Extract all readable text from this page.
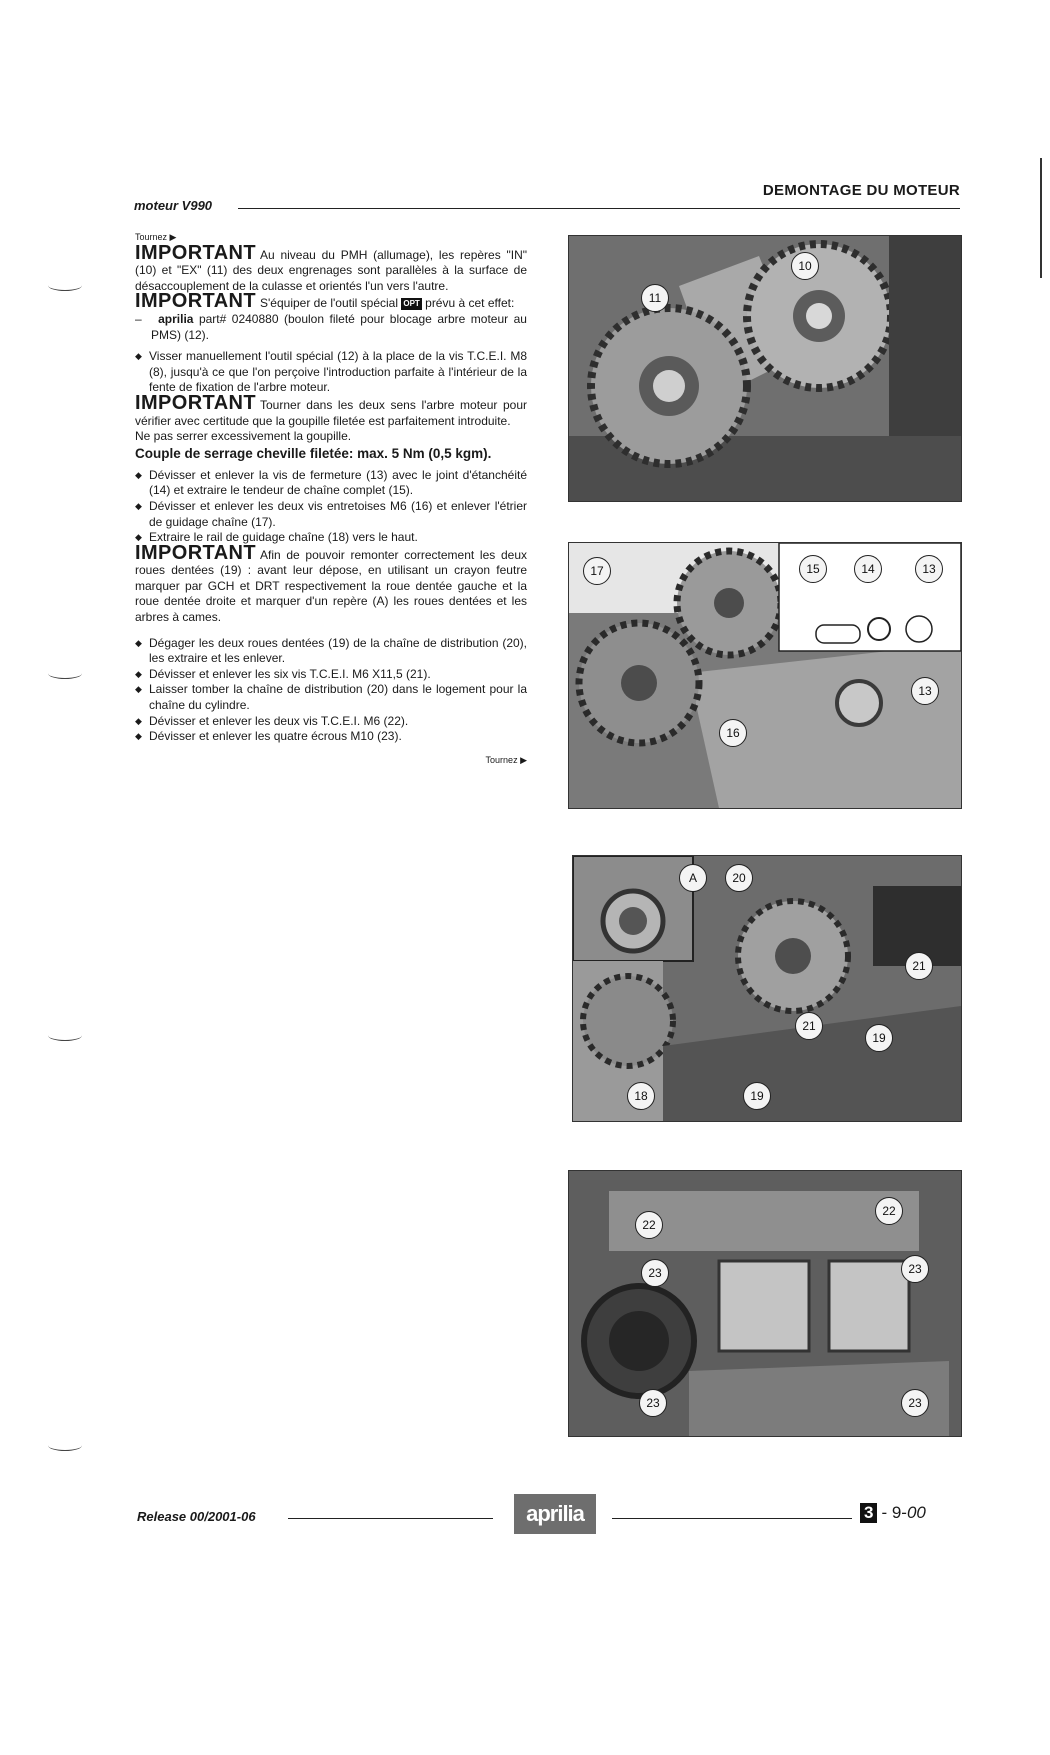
DEMONTAGE DU MOTEUR
moteur V990
Tournez ▶

IMPORTANT Au niveau du PMH (allumage), les repères "IN" (10) et "EX" (11) des deux engrenages sont parallèles à la surface de désaccouplement de la culasse et orientés l'un vers l'autre.

IMPORTANT S'équiper de l'outil spécial OPT prévu à cet effet:

–   aprilia part# 0240880 (boulon fileté pour blocage arbre moteur au PMS) (12).

◆ Visser manuellement l'outil spécial (12) à la place de la vis T.C.E.I. M8 (8), jusqu'à ce que l'on perçoive l'introduction parfaite à l'intérieur de la fente de fixation de l'arbre moteur.

IMPORTANT Tourner dans les deux sens l'arbre moteur pour vérifier avec certitude que la goupille filetée est parfaitement introduite.

Ne pas serrer excessivement la goupille.

Couple de serrage cheville filetée: max. 5 Nm (0,5 kgm).

◆ Dévisser et enlever la vis de fermeture (13) avec le joint d'étanchéité (14) et extraire le tendeur de chaîne complet (15).
◆ Dévisser et enlever les deux vis entretoises M6 (16) et enlever l'étrier de guidage chaîne (17).
◆ Extraire le rail de guidage chaîne (18) vers le haut.

IMPORTANT Afin de pouvoir remonter correctement les deux roues dentées (19) : avant leur dépose, en utilisant un crayon feutre marquer par GCH et DRT respectivement la roue dentée gauche et la roue dentée droite et marquer d'un repère (A) les roues dentées et les arbres à cames.

◆ Dégager les deux roues dentées (19) de la chaîne de distribution (20), les extraire et les enlever.
◆ Dévisser et enlever les six vis T.C.E.I. M6 X11,5 (21).
◆ Laisser tomber la chaîne de distribution (20) dans le logement pour la chaîne du cylindre.
◆ Dévisser et enlever les deux vis T.C.E.I. M6 (22).
◆ Dévisser et enlever les quatre écrous M10 (23).
Tournez ▶
11
10
17	15	14	13
13
16
A	20
21
21
19
18	19
22
22
23	23
23	23
Release 00/2001-06	aprilia	3 - 9-00
